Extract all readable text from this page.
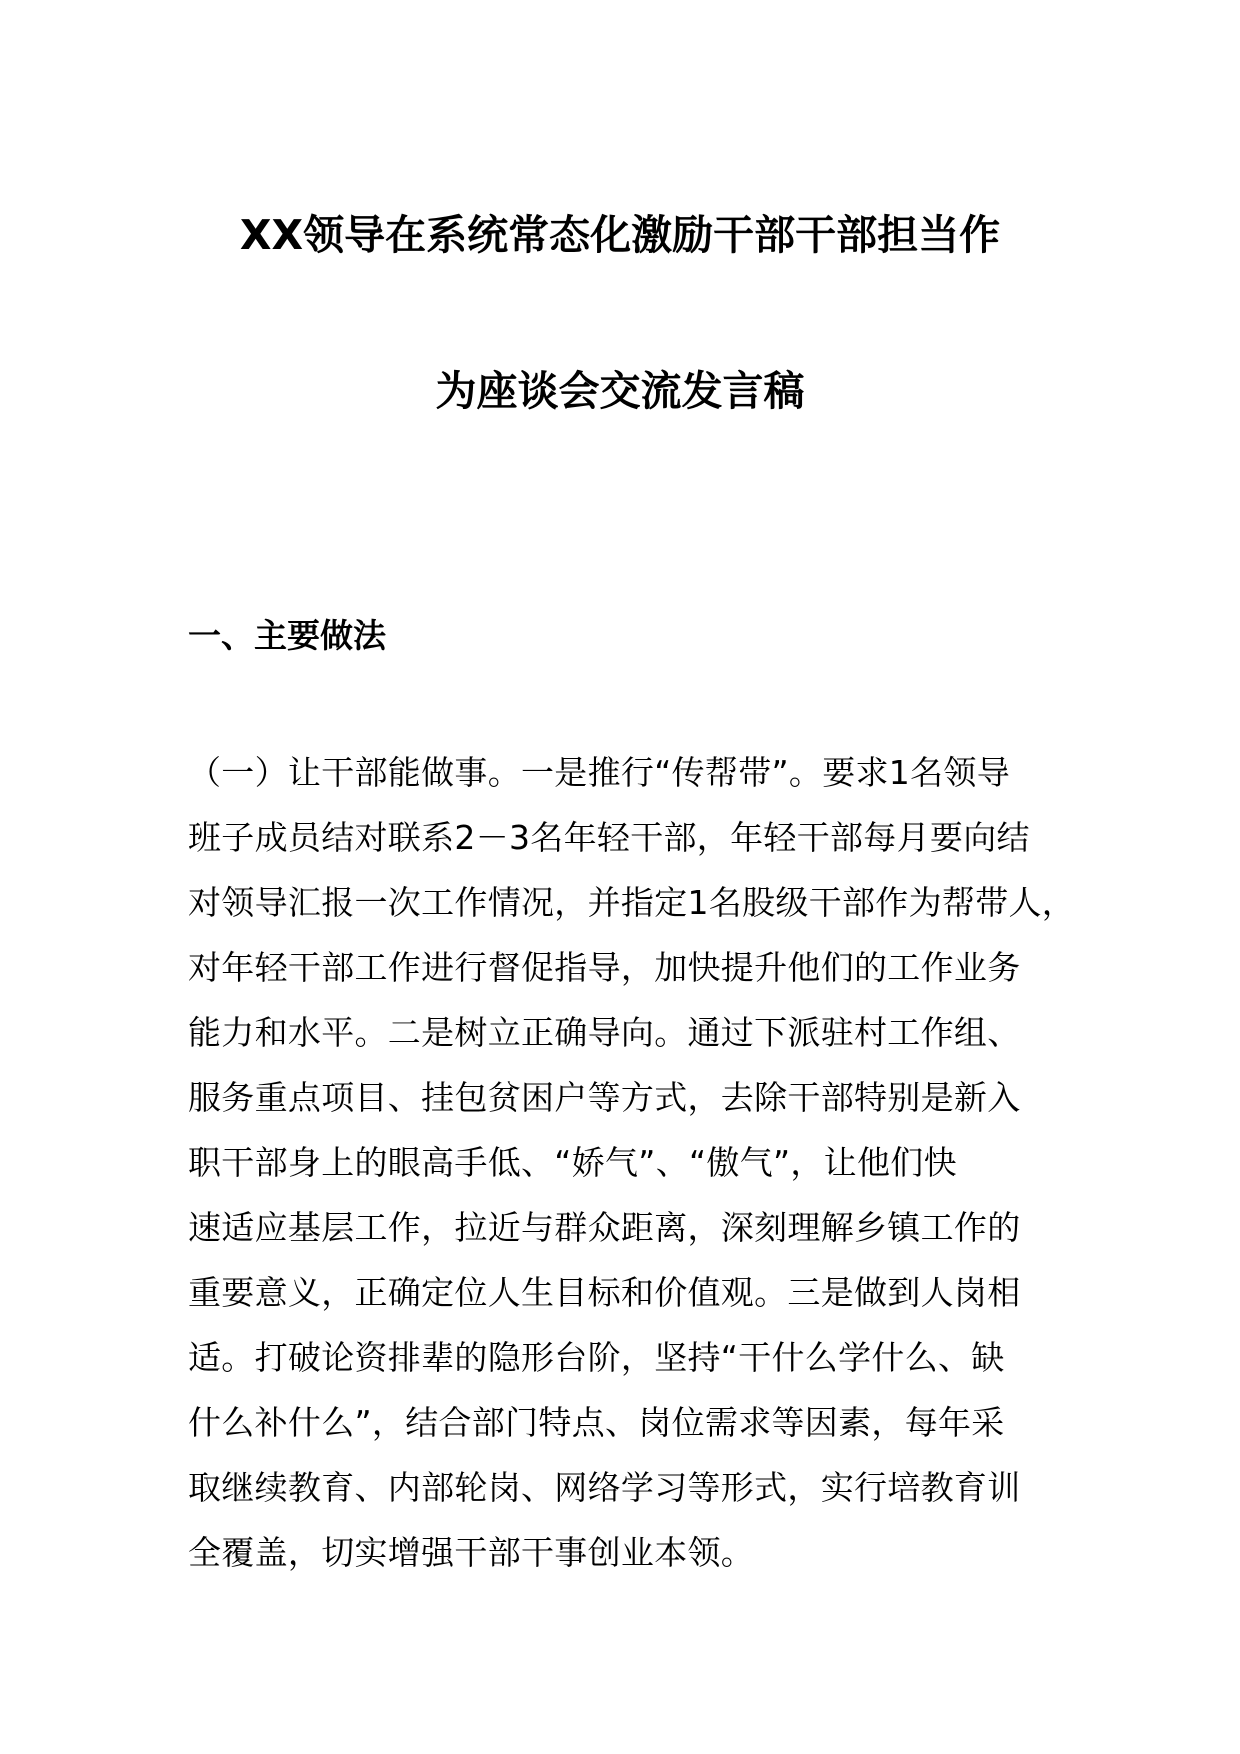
XX领导在系统常态化激励干部干部担当作
为座谈会交流发言稿
一、主要做法
（一）让干部能做事。一是推行“传帮带”。要求1名领导
班子成员结对联系2－3名年轻干部，年轻干部每月要向结
对领导汇报一次工作情况，并指定1名股级干部作为帮带人，
对年轻干部工作进行督促指导，加快提升他们的工作业务
能力和水平。二是树立正确导向。通过下派驻村工作组、
服务重点项目、挂包贫困户等方式，去除干部特别是新入
职干部身上的眼高手低、“娇气”、“傲气”，让他们快
速适应基层工作，拉近与群众距离，深刻理解乡镇工作的
重要意义，正确定位人生目标和价值观。三是做到人岗相
适。打破论资排辈的隐形台阶，坚持“干什么学什么、缺
什么补什么”，结合部门特点、岗位需求等因素，每年采
取继续教育、内部轮岗、网络学习等形式，实行培教育训
全覆盖，切实增强干部干事创业本领。
